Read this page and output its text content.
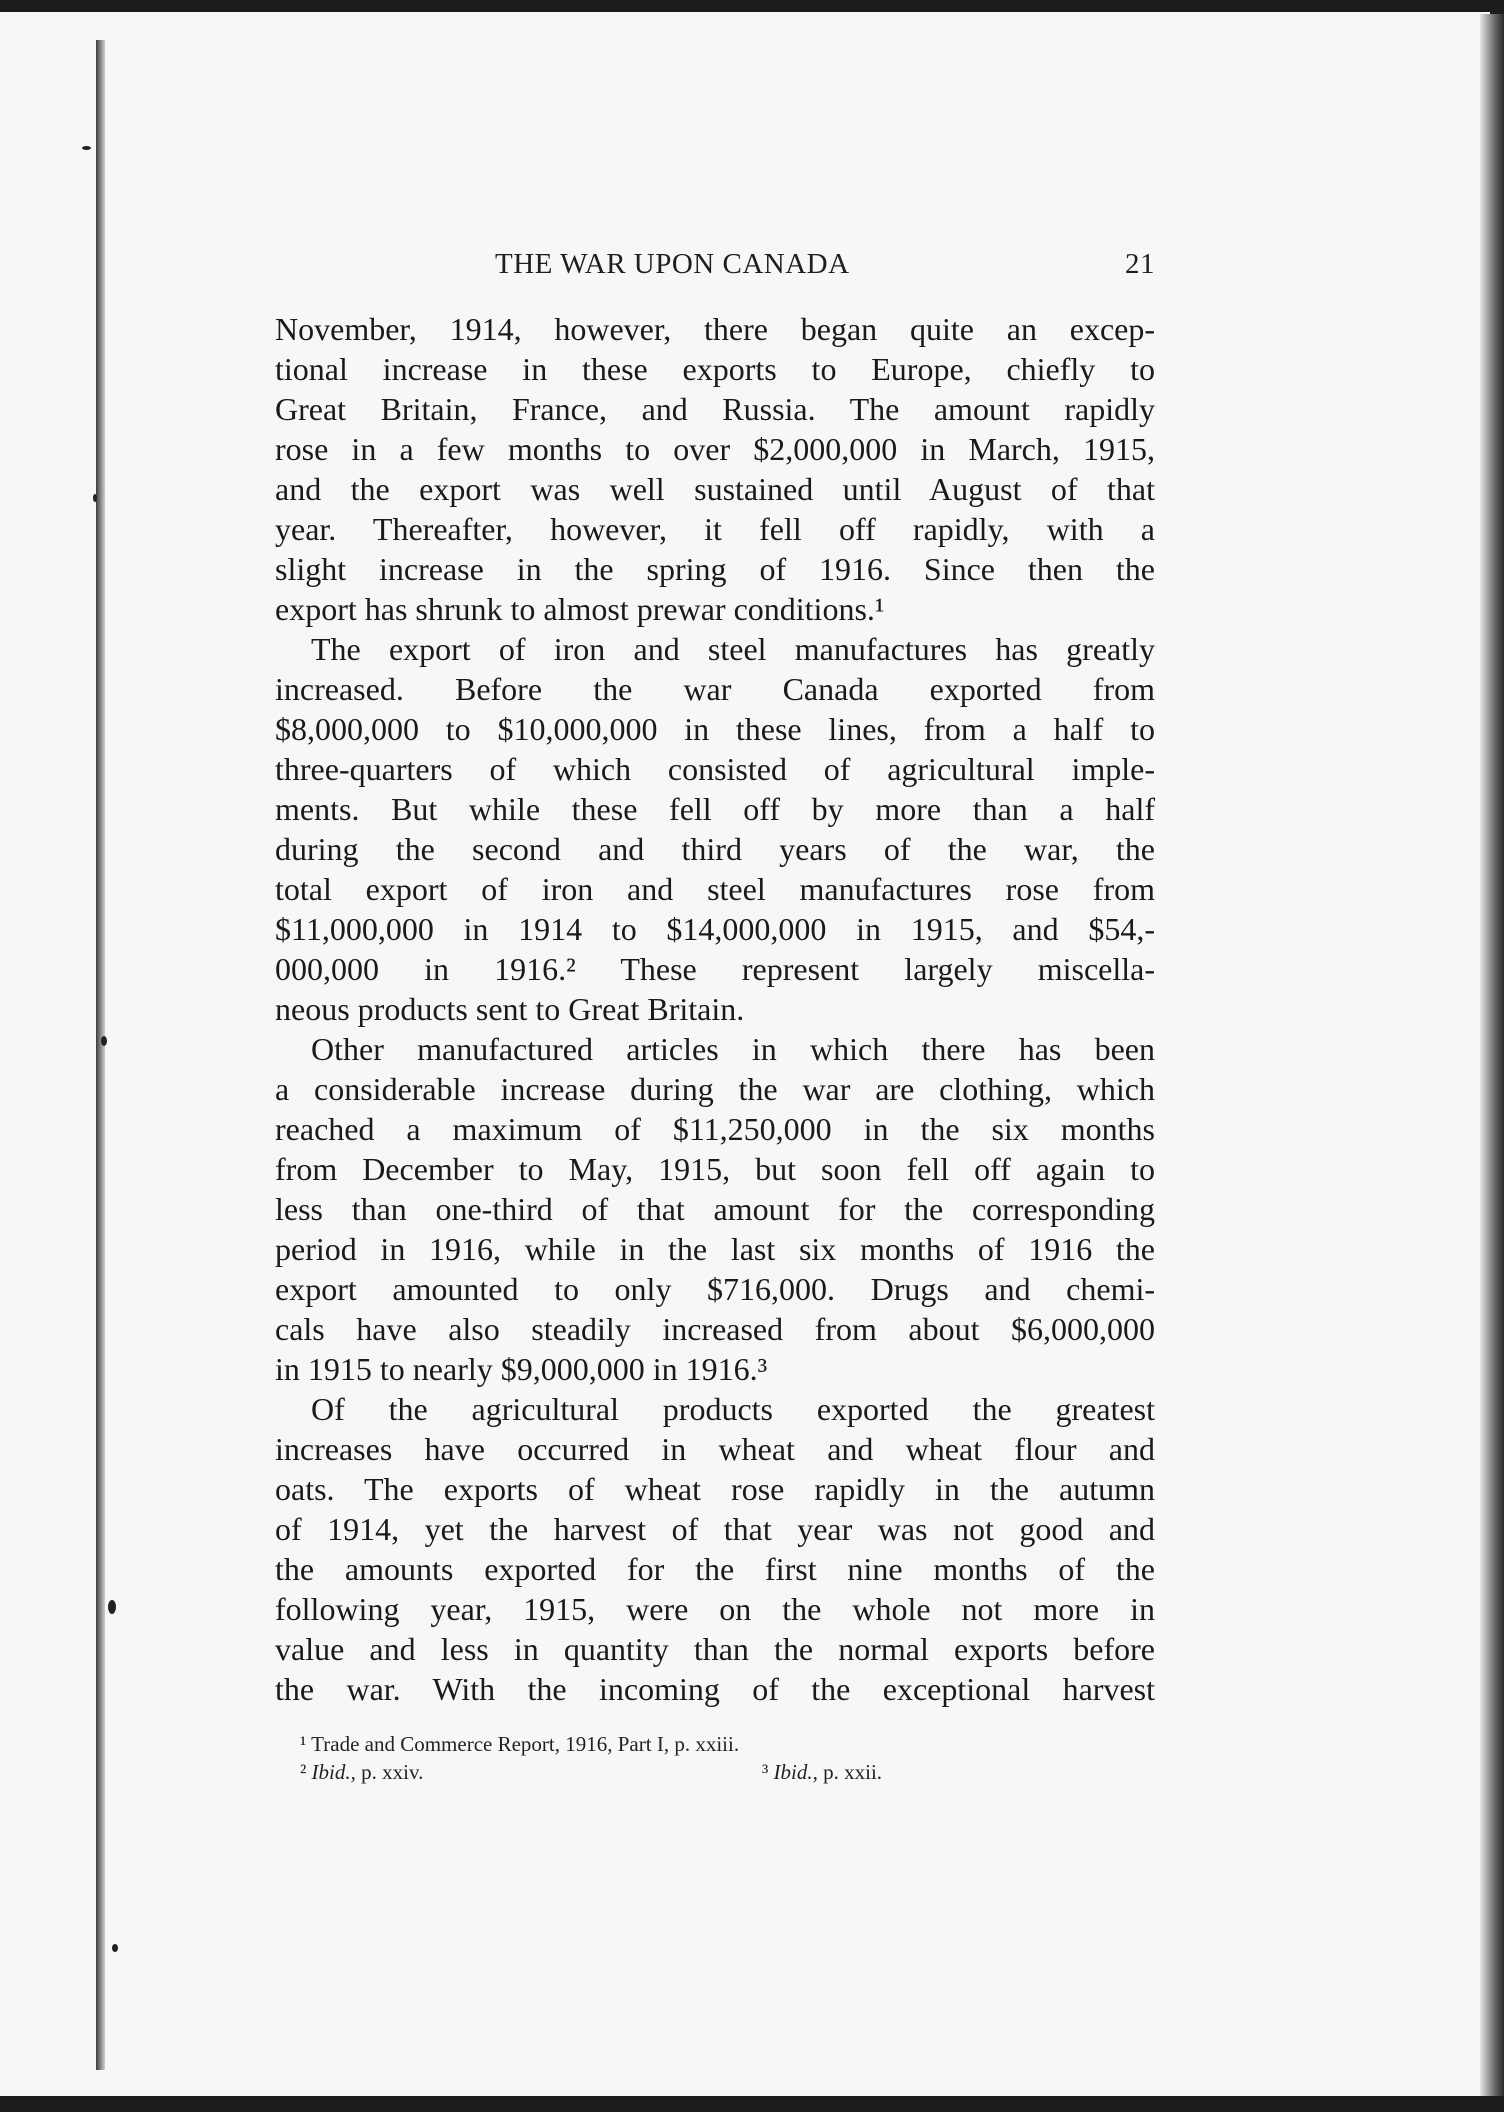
THE WAR UPON CANADA	21
November, 1914, however, there began quite an excep-
tional increase in these exports to Europe, chiefly to
Great Britain, France, and Russia. The amount rapidly
rose in a few months to over $2,000,000 in March, 1915,
and the export was well sustained until August of that
year. Thereafter, however, it fell off rapidly, with a
slight increase in the spring of 1916. Since then the
export has shrunk to almost prewar conditions.¹
The export of iron and steel manufactures has greatly
increased. Before the war Canada exported from
$8,000,000 to $10,000,000 in these lines, from a half to
three-quarters of which consisted of agricultural imple-
ments. But while these fell off by more than a half
during the second and third years of the war, the
total export of iron and steel manufactures rose from
$11,000,000 in 1914 to $14,000,000 in 1915, and $54,-
000,000 in 1916.² These represent largely miscella-
neous products sent to Great Britain.
Other manufactured articles in which there has been
a considerable increase during the war are clothing, which
reached a maximum of $11,250,000 in the six months
from December to May, 1915, but soon fell off again to
less than one-third of that amount for the corresponding
period in 1916, while in the last six months of 1916 the
export amounted to only $716,000. Drugs and chemi-
cals have also steadily increased from about $6,000,000
in 1915 to nearly $9,000,000 in 1916.³
Of the agricultural products exported the greatest
increases have occurred in wheat and wheat flour and
oats. The exports of wheat rose rapidly in the autumn
of 1914, yet the harvest of that year was not good and
the amounts exported for the first nine months of the
following year, 1915, were on the whole not more in
value and less in quantity than the normal exports before
the war. With the incoming of the exceptional harvest
¹ Trade and Commerce Report, 1916, Part I, p. xxiii.
² Ibid., p. xxiv.	³ Ibid., p. xxii.
